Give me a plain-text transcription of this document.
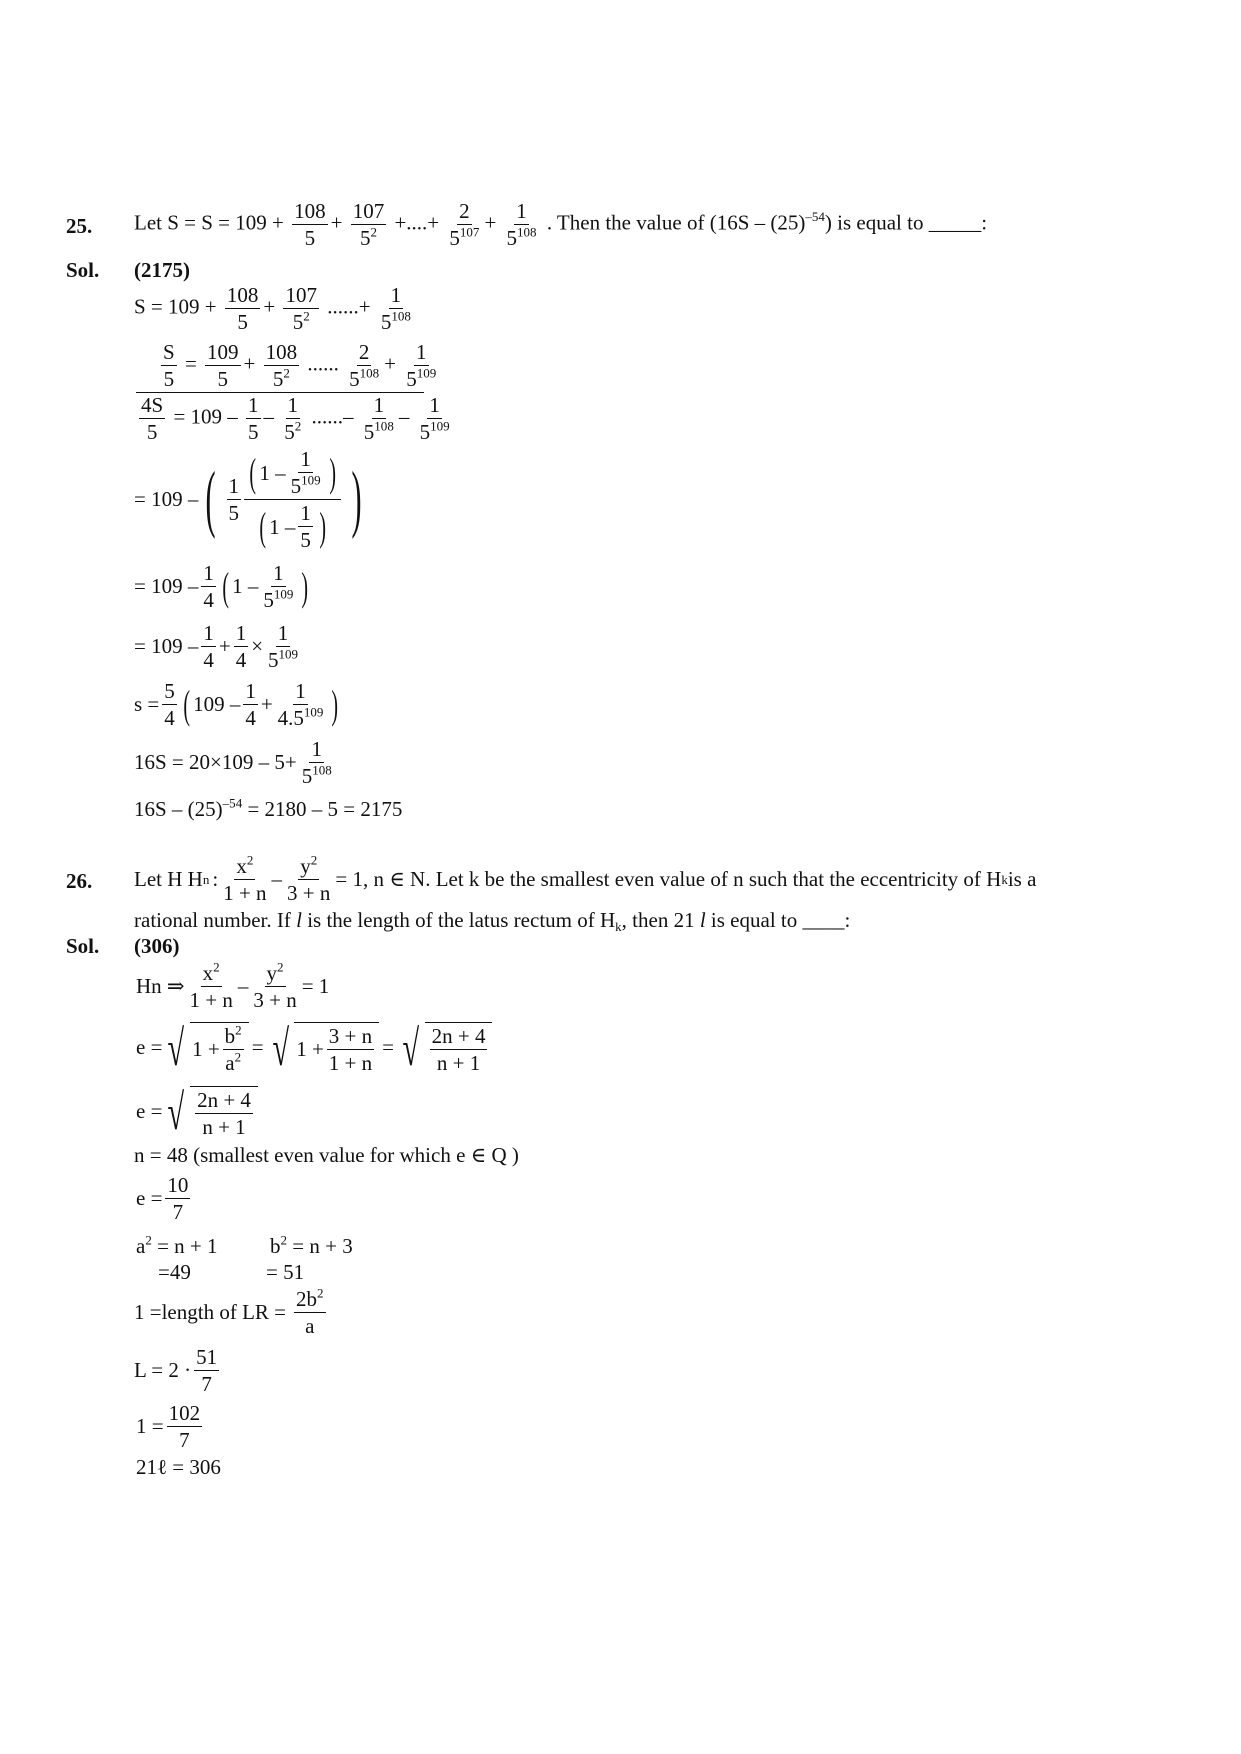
25. Let $S = S = 109 + \frac{108}{5} + \frac{107}{5^2}$ +....+ $\frac{2}{5^{107}} + \frac{1}{5^{108}}$ . Then the value of $(16S - (25)^{-54})$ is equal to _____:
Sol. (2175)
$S = 109 + \frac{108}{5} + \frac{107}{5^2}$ ......+ $\frac{1}{5^{108}}$
$\frac{S}{5} = \frac{109}{5} + \frac{108}{5^2}$ ...... $\frac{2}{5^{108}} + \frac{1}{5^{109}}$
$\frac{4S}{5} = 109 - \frac{1}{5} - \frac{1}{5^2}$ ......– $\frac{1}{5^{108}} - \frac{1}{5^{109}}$
= 109 – ( $\frac{1}{5} \frac{( 1 - \frac{1}{5^{109}} )}{( 1 - \frac{1}{5} )}$ )
= $109 - \frac{1}{4}$ ( $1 - \frac{1}{5^{109}}$ )
= $109 - \frac{1}{4} + \frac{1}{4} \times \frac{1}{5^{109}}$
$s = \frac{5}{4}$ ( $109 - \frac{1}{4} + \frac{1}{4.5^{109}}$ )
$16S = 20\times 109 - 5+ \frac{1}{5^{108}}$
$16S - (25)^{-54} = 2180 - 5 = 2175$
26. Let H H n : $\frac{x^2}{1 + n} - \frac{y^2}{3 + n} = 1$, n ∈ N . Let k be the smallest even value of n such that the eccentricity of H k is a
rational number. If l is the length of the latus rectum of $H_k$, then 21 l is equal to ____:
Sol. (306)
Hn ⇒ $\frac{x^2}{1 + n} - \frac{y^2}{3 + n} = 1$
e = √ $1 + \frac{b^2}{a^2}$ = √ $1 + \frac{3 + n}{1 + n}$ = √ $\frac{2n + 4}{n + 1}$
e = √ $\frac{2n + 4}{n + 1}$
n = 48 (smallest even value for which e ∈ Q )
$e = \frac{10}{7}$
$a^2 = n + 1$ $b^2 = n + 3$
=49	= 51
1 =length of LR = $\frac{2b^2}{a}$
$L = 2 \cdot \frac{51}{7}$
$1 = \frac{102}{7}$
21ℓ = 306
